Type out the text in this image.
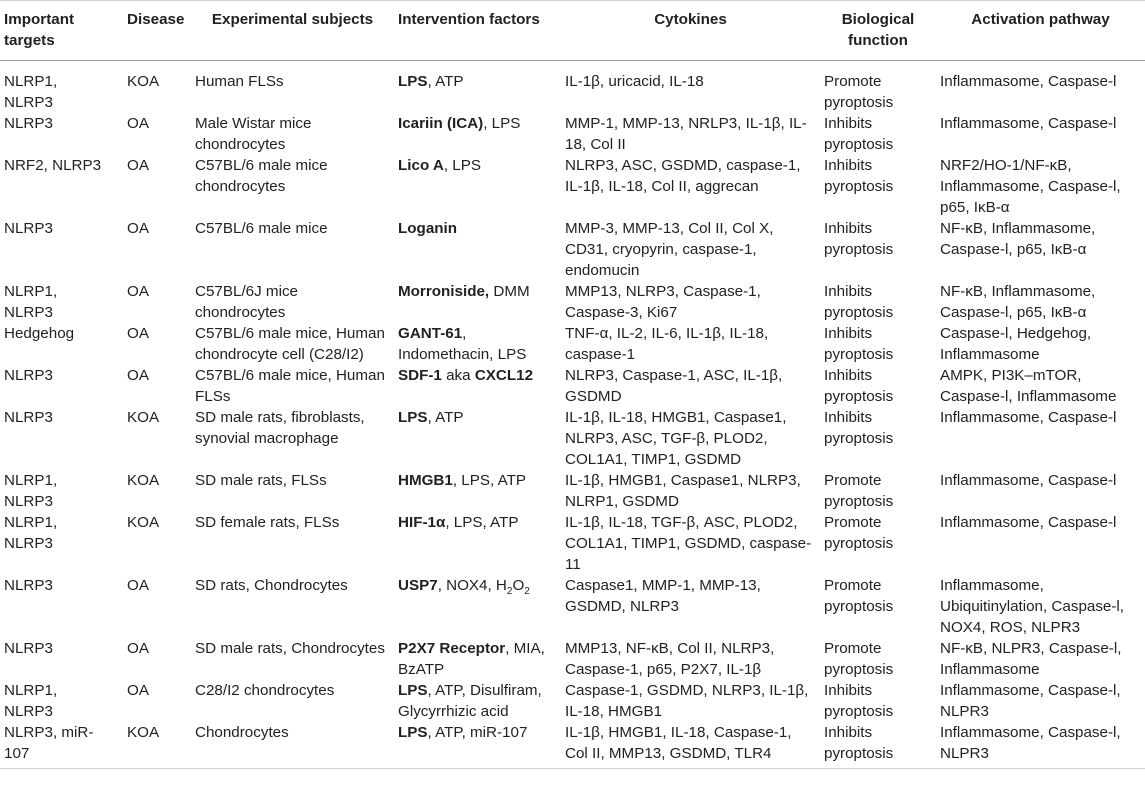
Important targets	Disease	Experimental subjects	Intervention factors	Cytokines	Biological function	Activation pathway
NLRP1, NLRP3	KOA	Human FLSs	LPS, ATP	IL-1β, uricacid, IL-18	Promote pyroptosis	Inflammasome, Caspase-l
NLRP3	OA	Male Wistar mice chondrocytes	Icariin (ICA), LPS	MMP-1, MMP-13, NRLP3, IL-1β, IL-18, Col II	Inhibits pyroptosis	Inflammasome, Caspase-l
NRF2, NLRP3	OA	C57BL/6 male mice chondrocytes	Lico A, LPS	NLRP3, ASC, GSDMD, caspase-1, IL-1β, IL-18, Col II, aggrecan	Inhibits pyroptosis	NRF2/HO-1/NF-κB, Inflammasome, Caspase-l, p65, IκB-α
NLRP3	OA	C57BL/6 male mice	Loganin	MMP-3, MMP-13, Col II, Col X, CD31, cryopyrin, caspase-1, endomucin	Inhibits pyroptosis	NF-κB, Inflammasome, Caspase-l, p65, IκB-α
NLRP1, NLRP3	OA	C57BL/6J mice chondrocytes	Morroniside, DMM	MMP13, NLRP3, Caspase-1, Caspase-3, Ki67	Inhibits pyroptosis	NF-κB, Inflammasome, Caspase-l, p65, IκB-α
Hedgehog	OA	C57BL/6 male mice, Human chondrocyte cell (C28/I2)	GANT-61, Indomethacin, LPS	TNF-α, IL-2, IL-6, IL-1β, IL-18, caspase-1	Inhibits pyroptosis	Caspase-l, Hedgehog, Inflammasome
NLRP3	OA	C57BL/6 male mice, Human FLSs	SDF-1 aka CXCL12	NLRP3, Caspase-1, ASC, IL-1β, GSDMD	Inhibits pyroptosis	AMPK, PI3K–mTOR, Caspase-l, Inflammasome
NLRP3	KOA	SD male rats, fibroblasts, synovial macrophage	LPS, ATP	IL-1β, IL-18, HMGB1, Caspase1, NLRP3, ASC, TGF-β, PLOD2, COL1A1, TIMP1, GSDMD	Inhibits pyroptosis	Inflammasome, Caspase-l
NLRP1, NLRP3	KOA	SD male rats, FLSs	HMGB1, LPS, ATP	IL-1β, HMGB1, Caspase1, NLRP3, NLRP1, GSDMD	Promote pyroptosis	Inflammasome, Caspase-l
NLRP1, NLRP3	KOA	SD female rats, FLSs	HIF-1α, LPS, ATP	IL-1β, IL-18, TGF-β, ASC, PLOD2, COL1A1, TIMP1, GSDMD, caspase-11	Promote pyroptosis	Inflammasome, Caspase-l
NLRP3	OA	SD rats, Chondrocytes	USP7, NOX4, $H_2O_2$	Caspase1, MMP-1, MMP-13, GSDMD, NLRP3	Promote pyroptosis	Inflammasome, Ubiquitinylation, Caspase-l, NOX4, ROS, NLPR3
NLRP3	OA	SD male rats, Chondrocytes	P2X7 Receptor, MIA, BzATP	MMP13, NF-κB, Col II, NLRP3, Caspase-1, p65, P2X7, IL-1β	Promote pyroptosis	NF-κB, NLPR3, Caspase-l, Inflammasome
NLRP1, NLRP3	OA	C28/I2 chondrocytes	LPS, ATP, Disulfiram, Glycyrrhizic acid	Caspase-1, GSDMD, NLRP3, IL-1β, IL-18, HMGB1	Inhibits pyroptosis	Inflammasome, Caspase-l, NLPR3
NLRP3, miR-107	KOA	Chondrocytes	LPS, ATP, miR-107	IL-1β, HMGB1, IL-18, Caspase-1, Col II, MMP13, GSDMD, TLR4	Inhibits pyroptosis	Inflammasome, Caspase-l, NLPR3
